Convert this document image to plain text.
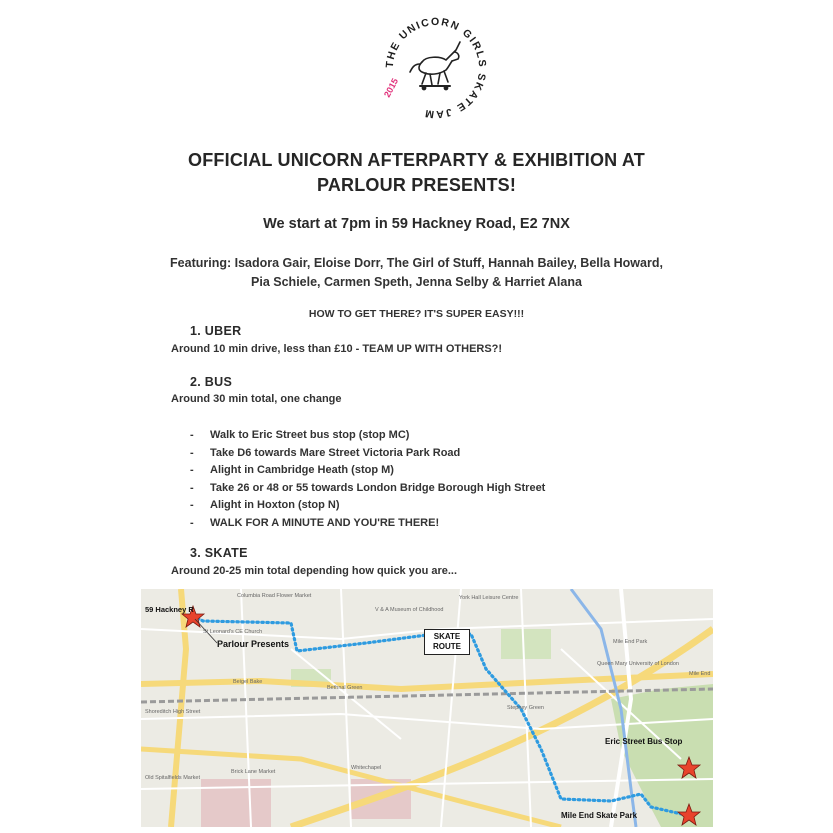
THE UNICORN GIRLS SKATE JAM
2015
OFFICIAL UNICORN AFTERPARTY & EXHIBITION AT
PARLOUR PRESENTS!
We start at 7pm in 59 Hackney Road, E2 7NX
Featuring: Isadora Gair, Eloise Dorr, The Girl of Stuff, Hannah Bailey, Bella Howard,
Pia Schiele, Carmen Speth, Jenna Selby & Harriet Alana
HOW TO GET THERE? IT'S SUPER EASY!!!
1. UBER
Around 10 min drive, less than £10 - TEAM UP WITH OTHERS?!
2. BUS
Around 30 min total, one change
- Walk to Eric Street bus stop (stop MC)
- Take D6 towards Mare Street Victoria Park Road
- Alight in Cambridge Heath (stop M)
- Take 26 or 48 or 55 towards London Bridge Borough High Street
- Alight in Hoxton (stop N)
- WALK FOR A MINUTE AND YOU'RE THERE!
3. SKATE
Around 20-25 min total depending how quick you are...
59 Hackney R
Parlour Presents
SKATE
ROUTE
Eric Street Bus Stop
Mile End Skate Park
Columbia Road Flower Market	York Hall Leisure Centre
V & A Museum of Childhood
Mile End Park
Queen Mary University of London
Stepney Green
Whitechapel
Shoreditch High Street
Bethnal Green
Old Spitalfields Market
Brick Lane Market
Beigel Bake
St Leonard's CE Church
Mile End
